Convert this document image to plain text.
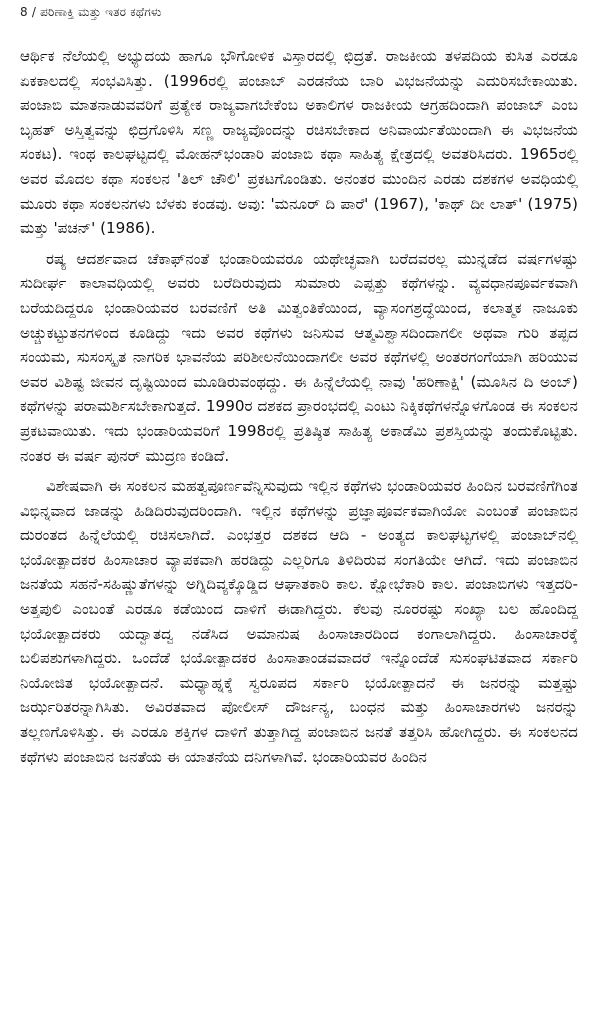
8 / ಪರಿಣಾಕ್ತಿ ಮತ್ತು ಇತರ ಕಥೆಗಳು

ಆರ್ಥಿಕ ನೆಲೆಯಲ್ಲಿ ಅಭ್ಯುದಯ ಹಾಗೂ ಭೌಗೋಳಿಕ ವಿಸ್ತಾರದಲ್ಲಿ ಛಿದ್ರತೆ. ರಾಜಕೀಯ ತಳಪದಿಯ ಕುಸಿತ ಎರಡೂ ಏಕಕಾಲದಲ್ಲಿ ಸಂಭವಿಸಿತ್ತು. (1996ರಲ್ಲಿ ಪಂಜಾಬ್ ಎರಡನೆಯ ಬಾರಿ ವಿಭಜನೆಯನ್ನು ಎದುರಿಸಬೇಕಾಯಿತು. ಪಂಜಾಬಿ ಮಾತನಾಡುವವರಿಗೆ ಪ್ರತ್ಯೇಕ ರಾಜ್ಯವಾಗಬೇಕೆಂಬ ಅಕಾಲಿಗಳ ರಾಜಕೀಯ ಆಗ್ರಹದಿಂದಾಗಿ ಪಂಜಾಬ್ ಎಂಬ ಬೃಹತ್ ಅಸ್ತಿತ್ವವನ್ನು ಛಿದ್ರಗೊಳಿಸಿ ಸಣ್ಣ ರಾಜ್ಯವೊಂದನ್ನು ರಚಿಸಬೇಕಾದ ಅನಿವಾರ್ಯತೆಯಿಂದಾಗಿ ಈ ವಿಭಜನೆಯ ಸಂಕಟ). ಇಂಥ ಕಾಲಘಟ್ಟದಲ್ಲಿ ಮೋಹನ್‌ಭಂಡಾರಿ ಪಂಜಾಬಿ ಕಥಾ ಸಾಹಿತ್ಯ ಕ್ಷೇತ್ರದಲ್ಲಿ ಅವತರಿಸಿದರು. 1965ರಲ್ಲಿ ಅವರ ಮೊದಲ ಕಥಾ ಸಂಕಲನ 'ತಿಲ್ ಚೌಲಿ' ಪ್ರಕಟಗೊಂಡಿತು. ಅನಂತರ ಮುಂದಿನ ಎರಡು ದಶಕಗಳ ಅವಧಿಯಲ್ಲಿ ಮೂರು ಕಥಾ ಸಂಕಲನಗಳು ಬೆಳಕು ಕಂಡವು. ಅವು: 'ಮನೂರ್ ದಿ ಪಾರೆ' (1967), 'ಕಾಥ್ ದೀ ಲಾತ್' (1975) ಮತ್ತು 'ಪಚನ್' (1986).

ರಷ್ಯ ಆದರ್ಶವಾದ ಚೆಕಾಫ್‌ನಂತೆ ಭಂಡಾರಿಯವರೂ ಯಥೇಚ್ಛವಾಗಿ ಬರೆದವರಲ್ಲ ಮುನ್ನಡೆದ ವರ್ಷಗಳಷ್ಟು ಸುದೀರ್ಘ ಕಾಲಾವಧಿಯಲ್ಲಿ ಅವರು ಬರೆದಿರುವುದು ಸುಮಾರು ಎಪ್ಪತ್ತು ಕಥೆಗಳನ್ನು. ವ್ಯವಧಾನಪೂರ್ವಕವಾಗಿ ಬರೆಯದಿದ್ದರೂ ಭಂಡಾರಿಯವರ ಬರವಣಿಗೆ ಅತಿ ಮಿತ್ವಂತಿಕೆಯಿಂದ, ವ್ಯಾಸಂಗಶ್ರದ್ಧೆಯಿಂದ, ಕಲಾತ್ಮಕ ನಾಜೂಕು ಅಚ್ಚುಕಟ್ಟುತನಗಳಿಂದ ಕೂಡಿದ್ದು ಇದು ಅವರ ಕಥೆಗಳು ಜನಿಸುವ ಆತ್ಮವಿಶ್ವಾಸದಿಂದಾಗಲೀ ಅಥವಾ ಗುರಿ ತಪ್ಪದ ಸಂಯಮ, ಸುಸಂಸ್ಕೃತ ನಾಗರಿಕ ಭಾವನೆಯ ಪರಿಶೀಲನೆಯಿಂದಾಗಲೀ ಅವರ ಕಥೆಗಳಲ್ಲಿ ಅಂತರಗಂಗೆಯಾಗಿ ಹರಿಯುವ ಅವರ ವಿಶಿಷ್ಟ ಜೀವನ ದೃಷ್ಟಿಯಿಂದ ಮೂಡಿರುವಂಥದ್ದು. ಈ ಹಿನ್ನೆಲೆಯಲ್ಲಿ ನಾವು 'ಹರಿಣಾಕ್ಷಿ' (ಮೂಸಿನ ದಿ ಅಂಬ್) ಕಥೆಗಳನ್ನು ಪರಾಮರ್ಶಿಸಬೇಕಾಗುತ್ತದೆ. 1990ರ ದಶಕದ ಪ್ರಾರಂಭದಲ್ಲಿ ಎಂಟು ನಿಕ್ಕಿಕಥೆಗಳನ್ನೊಳಗೊಂಡ ಈ ಸಂಕಲನ ಪ್ರಕಟವಾಯಿತು. ಇದು ಭಂಡಾರಿಯವರಿಗೆ 1998ರಲ್ಲಿ ಪ್ರತಿಷ್ಠಿತ ಸಾಹಿತ್ಯ ಅಕಾಡೆಮಿ ಪ್ರಶಸ್ತಿಯನ್ನು ತಂದುಕೊಟ್ಟಿತು. ನಂತರ ಈ ವರ್ಷ ಪುನರ್ ಮುದ್ರಣ ಕಂಡಿದೆ.

ವಿಶೇಷವಾಗಿ ಈ ಸಂಕಲನ ಮಹತ್ವಪೂರ್ಣವೆನ್ನಿಸುವುದು ಇಲ್ಲಿನ ಕಥೆಗಳು ಭಂಡಾರಿಯವರ ಹಿಂದಿನ ಬರವಣಿಗೆಗಿಂತ ವಿಭಿನ್ನವಾದ ಜಾಡನ್ನು ಹಿಡಿದಿರುವುದರಿಂದಾಗಿ. ಇಲ್ಲಿನ ಕಥೆಗಳನ್ನು ಪ್ರಜ್ಞಾಪೂರ್ವಕವಾಗಿಯೋ ಎಂಬಂತೆ ಪಂಜಾಬಿನ ದುರಂತದ ಹಿನ್ನೆಲೆಯಲ್ಲಿ ರಚಿಸಲಾಗಿದೆ. ಎಂಭತ್ತರ ದಶಕದ ಆದಿ - ಅಂತ್ಯದ ಕಾಲಘಟ್ಟಗಳಲ್ಲಿ ಪಂಜಾಬ್‌ನಲ್ಲಿ ಭಯೋತ್ಪಾದಕರ ಹಿಂಸಾಚಾರ ವ್ಯಾಪಕವಾಗಿ ಹರಡಿದ್ದು ಎಲ್ಲರಿಗೂ ತಿಳಿದಿರುವ ಸಂಗತಿಯೇ ಆಗಿದೆ. ಇದು ಪಂಜಾಬಿನ ಜನತೆಯ ಸಹನೆ-ಸಹಿಷ್ಣುತೆಗಳನ್ನು ಅಗ್ನಿದಿವ್ಯಕ್ಕೊಡ್ಡಿದ ಆಘಾತಕಾರಿ ಕಾಲ. ಕ್ಷೋಭೆಕಾರಿ ಕಾಲ. ಪಂಜಾಬಿಗಳು ಇತ್ತದರಿ-ಅತ್ತಪುಲಿ ಎಂಬಂತೆ ಎರಡೂ ಕಡೆಯಿಂದ ದಾಳಿಗೆ ಈಡಾಗಿದ್ದರು. ಕೆಲವು ನೂರರಷ್ಟು ಸಂಖ್ಯಾ ಬಲ ಹೊಂದಿದ್ದ ಭಯೋತ್ಪಾದಕರು ಯದ್ವಾತದ್ವ ನಡೆಸಿದ ಅಮಾನುಷ ಹಿಂಸಾಚಾರದಿಂದ ಕಂಗಾಲಾಗಿದ್ದರು. ಹಿಂಸಾಚಾರಕ್ಕೆ ಬಲಿಪಶುಗಳಾಗಿದ್ದರು. ಒಂದೆಡೆ ಭಯೋತ್ಪಾದಕರ ಹಿಂಸಾತಾಂಡವವಾದರೆ ಇನ್ನೊಂದೆಡೆ ಸುಸಂಘಟಿತವಾದ ಸರ್ಕಾರಿ ನಿಯೋಜಿತ ಭಯೋತ್ಪಾದನೆ. ಮಧ್ಯಾಹ್ನಕ್ಕೆ ಸ್ವರೂಪದ ಸರ್ಕಾರಿ ಭಯೋತ್ಪಾದನೆ ಈ ಜನರನ್ನು ಮತ್ತಷ್ಟು ಜರ್ಝರಿತರನ್ನಾಗಿಸಿತು. ಅವಿರತವಾದ ಪೋಲೀಸ್ ದೌರ್ಜನ್ಯ, ಬಂಧನ ಮತ್ತು ಹಿಂಸಾಚಾರಗಳು ಜನರನ್ನು ತಲ್ಲಣಗೊಳಿಸಿತ್ತು. ಈ ಎರಡೂ ಶಕ್ತಿಗಳ ದಾಳಿಗೆ ತುತ್ತಾಗಿದ್ದ ಪಂಜಾಬಿನ ಜನತೆ ತತ್ತರಿಸಿ ಹೋಗಿದ್ದರು. ಈ ಸಂಕಲನದ ಕಥೆಗಳು ಪಂಜಾಬಿನ ಜನತೆಯ ಈ ಯಾತನೆಯ ದನಿಗಳಾಗಿವೆ. ಭಂಡಾರಿಯವರ ಹಿಂದಿನ
